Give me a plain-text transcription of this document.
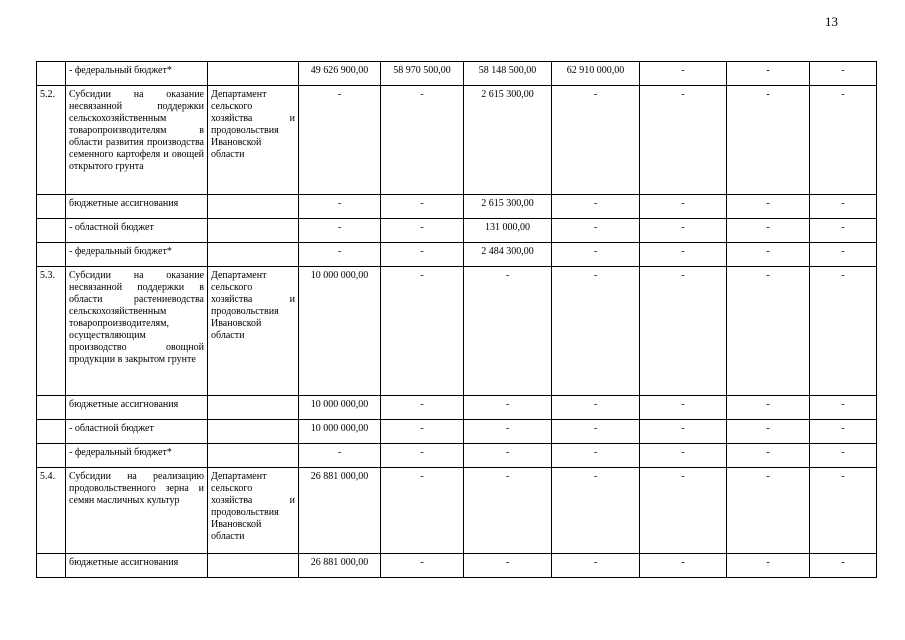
13
	- федеральный бюджет*		49 626 900,00	58 970 500,00	58 148 500,00	62 910 000,00	-	-	-
5.2.	Субсидии на оказание несвязанной поддержки сельскохозяйственным товаропроизводителям в области развития производства семенного картофеля и овощей открытого грунта	Департамент сельского хозяйства и продовольствия Ивановской области	-	-	2 615 300,00	-	-	-	-
	бюджетные ассигнования		-	-	2 615 300,00	-	-	-	-
	- областной бюджет		-	-	131 000,00	-	-	-	-
	- федеральный бюджет*		-	-	2 484 300,00	-	-	-	-
5.3.	Субсидии на оказание несвязанной поддержки в области растениеводства сельскохозяйственным товаропроизводителям, осуществляющим производство овощной продукции в закрытом грунте	Департамент сельского хозяйства и продовольствия Ивановской области	10 000 000,00	-	-	-	-	-	-
	бюджетные ассигнования		10 000 000,00	-	-	-	-	-	-
	- областной бюджет		10 000 000,00	-	-	-	-	-	-
	- федеральный бюджет*		-	-	-	-	-	-	-
5.4.	Субсидии на реализацию продовольственного зерна и семян масличных культур	Департамент сельского хозяйства и продовольствия Ивановской области	26 881 000,00	-	-	-	-	-	-
	бюджетные ассигнования		26 881 000,00	-	-	-	-	-	-
